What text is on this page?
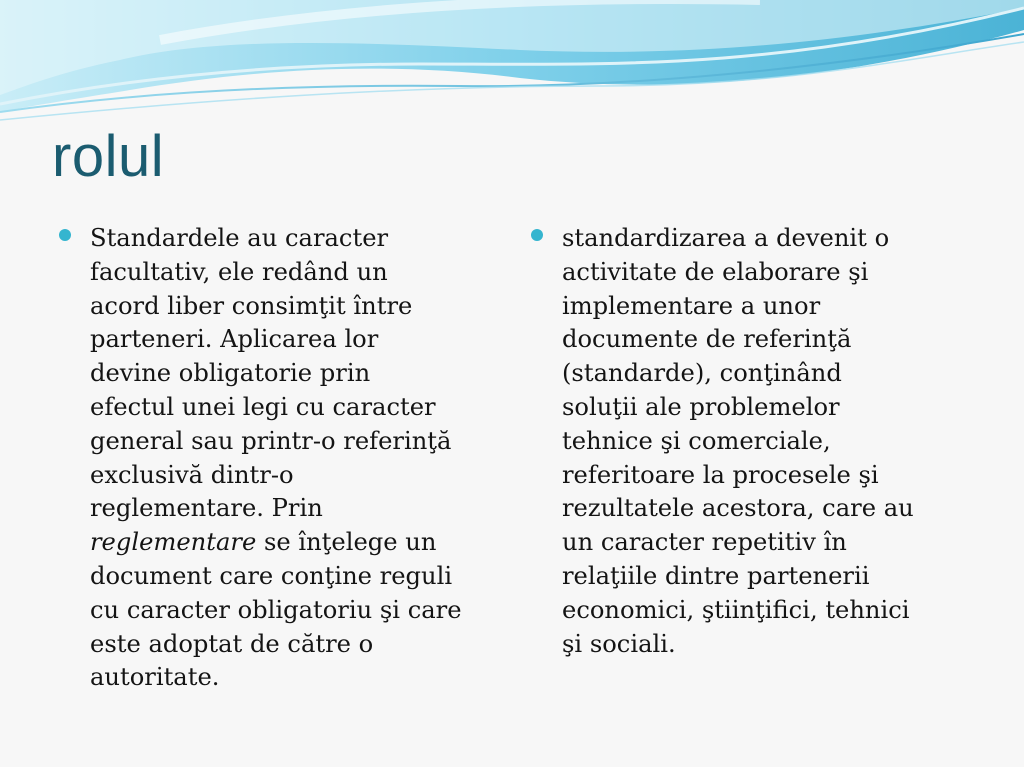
rolul
Standardele au caracter
facultativ, ele redând un
acord liber consimţit între
parteneri. Aplicarea lor
devine obligatorie prin
efectul unei legi cu caracter
general sau printr-o referinţă
exclusivă dintr-o
reglementare. Prin
reglementare se înţelege un
document care conţine reguli
cu caracter obligatoriu şi care
este adoptat de către o
autoritate.
standardizarea a devenit o
activitate de elaborare şi
implementare a unor
documente de referinţă
(standarde), conţinând
soluţii ale problemelor
tehnice şi comerciale,
referitoare la procesele şi
rezultatele acestora, care au
un caracter repetitiv în
relaţiile dintre partenerii
economici, ştiinţifici, tehnici
şi sociali.
